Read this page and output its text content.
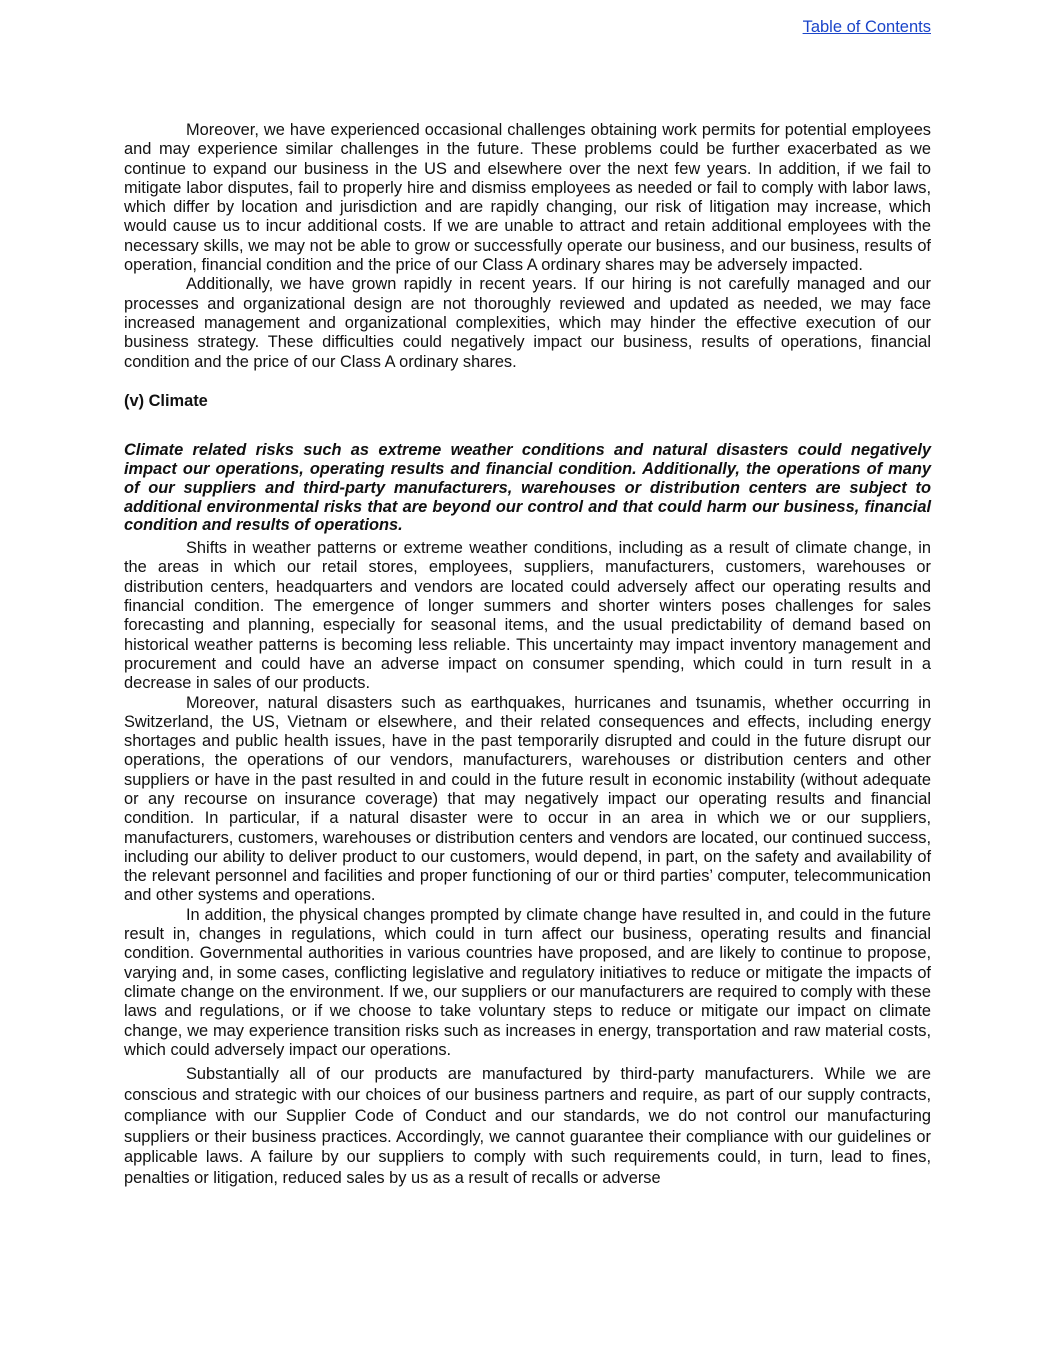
Table of Contents

Moreover, we have experienced occasional challenges obtaining work permits for potential employees and may experience similar challenges in the future. These problems could be further exacerbated as we continue to expand our business in the US and elsewhere over the next few years. In addition, if we fail to mitigate labor disputes, fail to properly hire and dismiss employees as needed or fail to comply with labor laws, which differ by location and jurisdiction and are rapidly changing, our risk of litigation may increase, which would cause us to incur additional costs. If we are unable to attract and retain additional employees with the necessary skills, we may not be able to grow or successfully operate our business, and our business, results of operation, financial condition and the price of our Class A ordinary shares may be adversely impacted.

Additionally, we have grown rapidly in recent years. If our hiring is not carefully managed and our processes and organizational design are not thoroughly reviewed and updated as needed, we may face increased management and organizational complexities, which may hinder the effective execution of our business strategy. These difficulties could negatively impact our business, results of operations, financial condition and the price of our Class A ordinary shares.

(v) Climate
Climate related risks such as extreme weather conditions and natural disasters could negatively impact our operations, operating results and financial condition. Additionally, the operations of many of our suppliers and third-party manufacturers, warehouses or distribution centers are subject to additional environmental risks that are beyond our control and that could harm our business, financial condition and results of operations.

Shifts in weather patterns or extreme weather conditions, including as a result of climate change, in the areas in which our retail stores, employees, suppliers, manufacturers, customers, warehouses or distribution centers, headquarters and vendors are located could adversely affect our operating results and financial condition. The emergence of longer summers and shorter winters poses challenges for sales forecasting and planning, especially for seasonal items, and the usual predictability of demand based on historical weather patterns is becoming less reliable. This uncertainty may impact inventory management and procurement and could have an adverse impact on consumer spending, which could in turn result in a decrease in sales of our products.

Moreover, natural disasters such as earthquakes, hurricanes and tsunamis, whether occurring in Switzerland, the US, Vietnam or elsewhere, and their related consequences and effects, including energy shortages and public health issues, have in the past temporarily disrupted and could in the future disrupt our operations, the operations of our vendors, manufacturers, warehouses or distribution centers and other suppliers or have in the past resulted in and could in the future result in economic instability (without adequate or any recourse on insurance coverage) that may negatively impact our operating results and financial condition. In particular, if a natural disaster were to occur in an area in which we or our suppliers, manufacturers, customers, warehouses or distribution centers and vendors are located, our continued success, including our ability to deliver product to our customers, would depend, in part, on the safety and availability of the relevant personnel and facilities and proper functioning of our or third parties’ computer, telecommunication and other systems and operations.

In addition, the physical changes prompted by climate change have resulted in, and could in the future result in, changes in regulations, which could in turn affect our business, operating results and financial condition. Governmental authorities in various countries have proposed, and are likely to continue to propose, varying and, in some cases, conflicting legislative and regulatory initiatives to reduce or mitigate the impacts of climate change on the environment. If we, our suppliers or our manufacturers are required to comply with these laws and regulations, or if we choose to take voluntary steps to reduce or mitigate our impact on climate change, we may experience transition risks such as increases in energy, transportation and raw material costs, which could adversely impact our operations.

Substantially all of our products are manufactured by third-party manufacturers. While we are conscious and strategic with our choices of our business partners and require, as part of our supply contracts, compliance with our Supplier Code of Conduct and our standards, we do not control our manufacturing suppliers or their business practices. Accordingly, we cannot guarantee their compliance with our guidelines or applicable laws. A failure by our suppliers to comply with such requirements could, in turn, lead to fines, penalties or litigation, reduced sales by us as a result of recalls or adverse
